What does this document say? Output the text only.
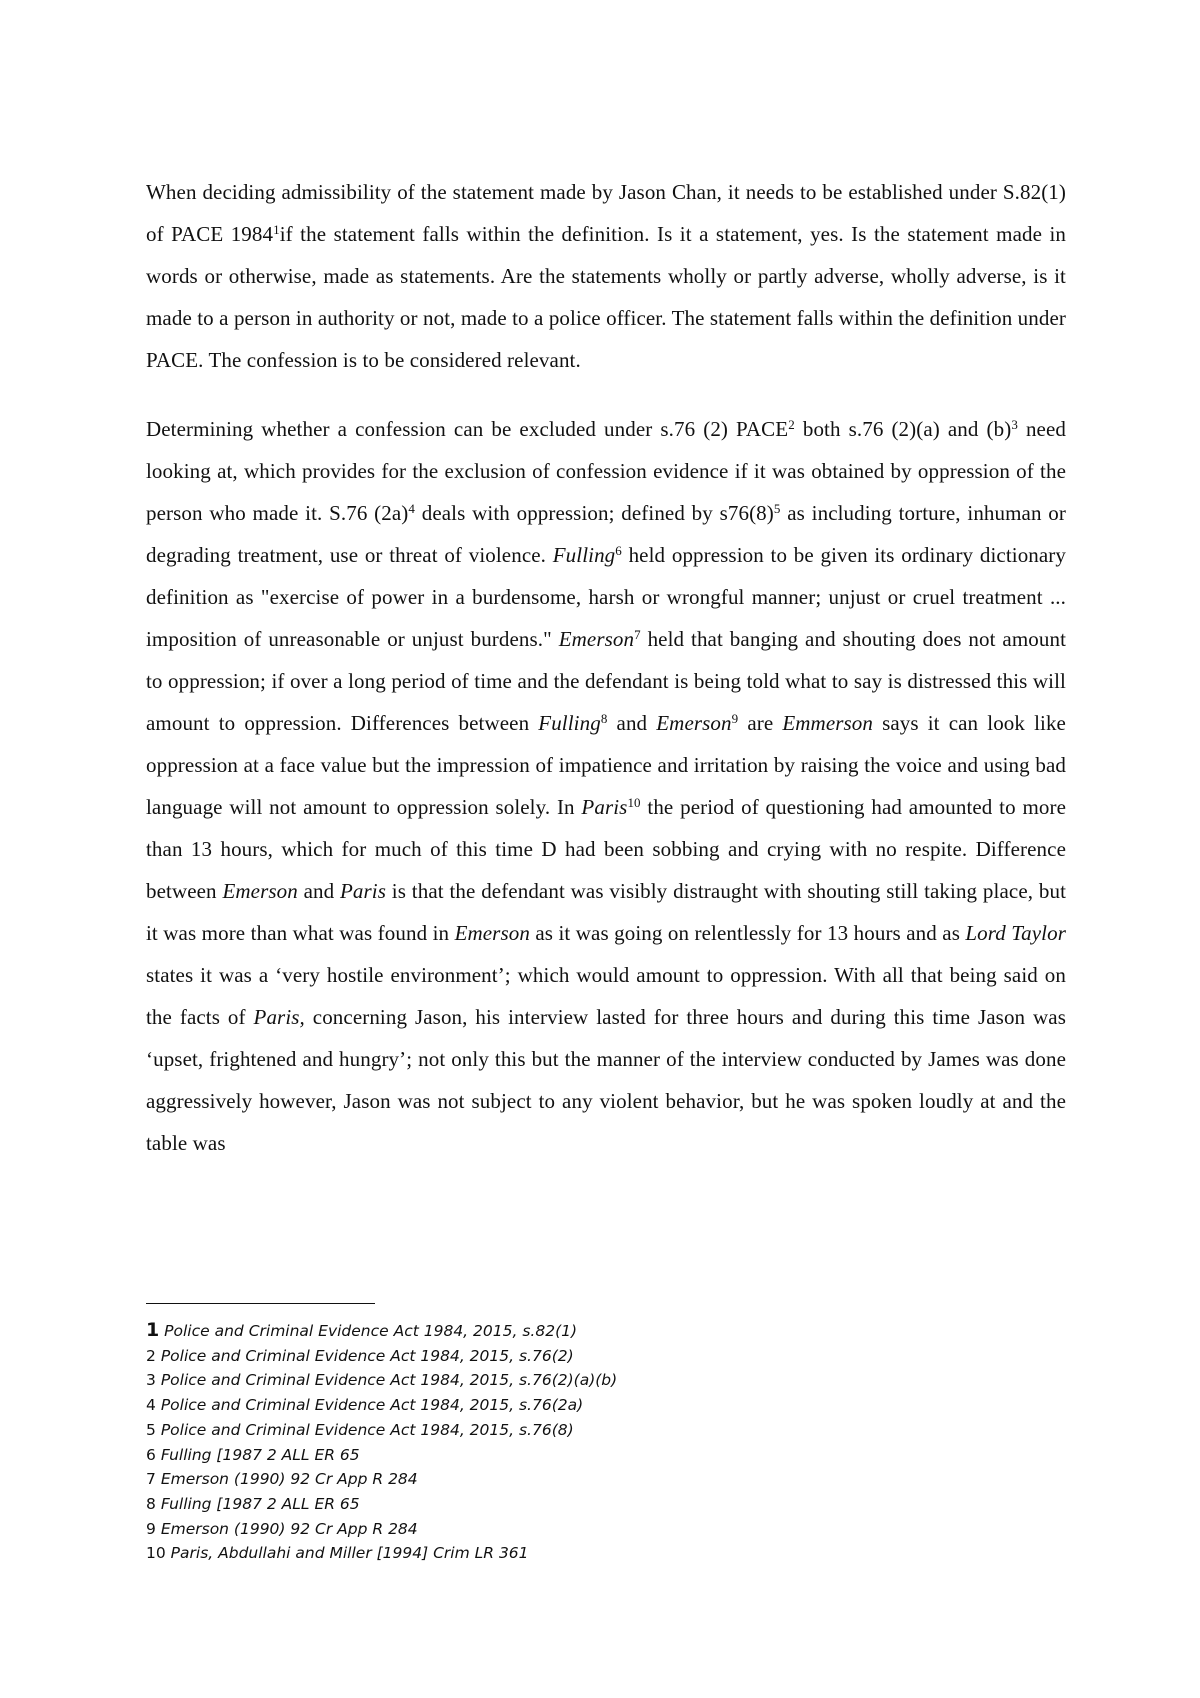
When deciding admissibility of the statement made by Jason Chan, it needs to be established under S.82(1) of PACE 1984$^1$if the statement falls within the definition. Is it a statement, yes. Is the statement made in words or otherwise, made as statements. Are the statements wholly or partly adverse, wholly adverse, is it made to a person in authority or not, made to a police officer. The statement falls within the definition under PACE. The confession is to be considered relevant.

Determining whether a confession can be excluded under s.76 (2) PACE$^2$ both s.76 (2)(a) and $(b)^3$ need looking at, which provides for the exclusion of confession evidence if it was obtained by oppression of the person who made it. S.76 $(2a)^4$ deals with oppression; defined by $s76(8)^5$ as including torture, inhuman or degrading treatment, use or threat of violence. Fulling$^6$ held oppression to be given its ordinary dictionary definition as "exercise of power in a burdensome, harsh or wrongful manner; unjust or cruel treatment ... imposition of unreasonable or unjust burdens." Emerson$^7$ held that banging and shouting does not amount to oppression; if over a long period of time and the defendant is being told what to say is distressed this will amount to oppression. Differences between Fulling$^8$ and Emerson$^9$ are Emmerson says it can look like oppression at a face value but the impression of impatience and irritation by raising the voice and using bad language will not amount to oppression solely. In Paris$^{10}$ the period of questioning had amounted to more than 13 hours, which for much of this time D had been sobbing and crying with no respite. Difference between Emerson and Paris is that the defendant was visibly distraught with shouting still taking place, but it was more than what was found in Emerson as it was going on relentlessly for 13 hours and as Lord Taylor states it was a ‘very hostile environment’; which would amount to oppression. With all that being said on the facts of Paris, concerning Jason, his interview lasted for three hours and during this time Jason was ‘upset, frightened and hungry’; not only this but the manner of the interview conducted by James was done aggressively however, Jason was not subject to any violent behavior, but he was spoken loudly at and the table was

1 Police and Criminal Evidence Act 1984, 2015, s.82(1)
2 Police and Criminal Evidence Act 1984, 2015, s.76(2)
3 Police and Criminal Evidence Act 1984, 2015, s.76(2)(a)(b)
4 Police and Criminal Evidence Act 1984, 2015, s.76(2a)
5 Police and Criminal Evidence Act 1984, 2015, s.76(8)
6 Fulling [1987 2 ALL ER 65
7 Emerson (1990) 92 Cr App R 284
8 Fulling [1987 2 ALL ER 65
9 Emerson (1990) 92 Cr App R 284
10 Paris, Abdullahi and Miller [1994] Crim LR 361
